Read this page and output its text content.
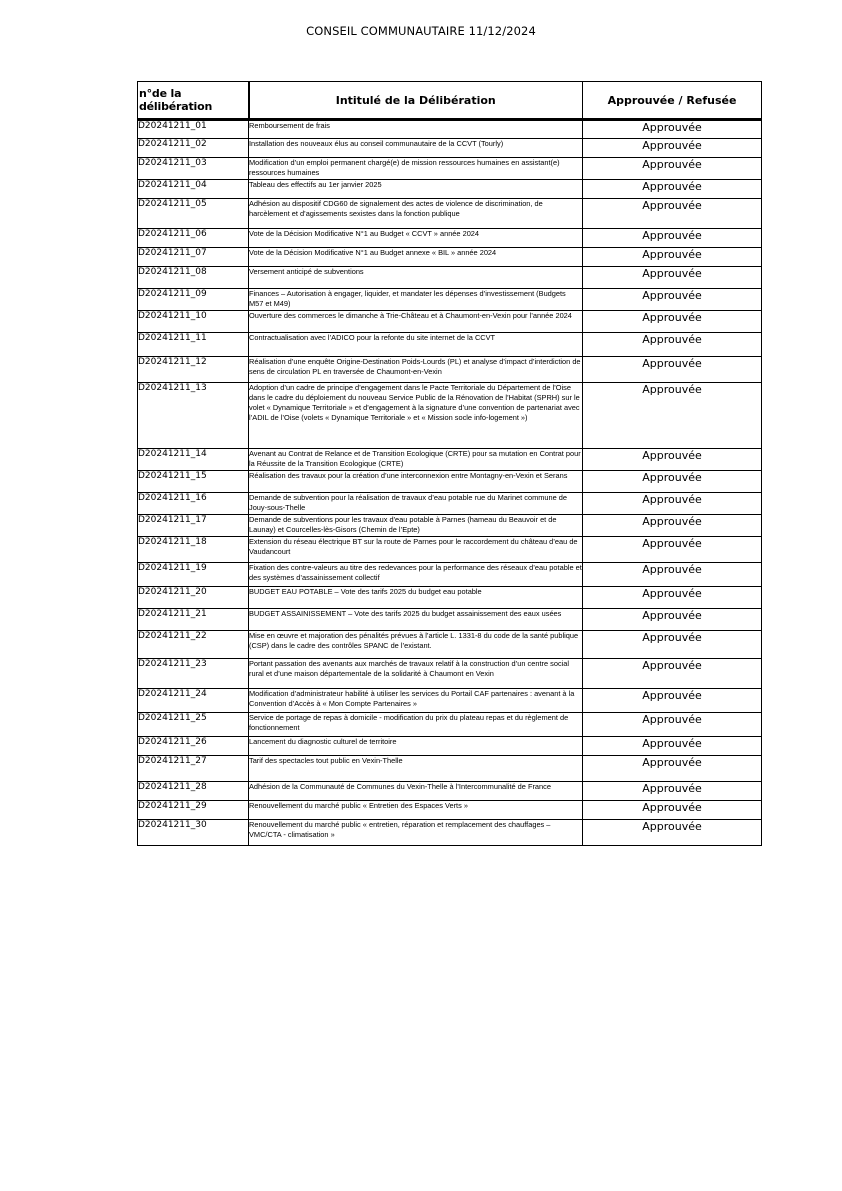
CONSEIL COMMUNAUTAIRE 11/12/2024
n°de la délibération	Intitulé de la Délibération	Approuvée / Refusée
D20241211_01	Remboursement de frais	Approuvée
D20241211_02	Installation des nouveaux élus au conseil communautaire de la CCVT (Tourly)	Approuvée
D20241211_03	Modification d’un emploi permanent chargé(e) de mission ressources humaines en assistant(e) ressources humaines	Approuvée
D20241211_04	Tableau des effectifs au 1er janvier 2025	Approuvée
D20241211_05	Adhésion au dispositif CDG60 de signalement des actes de violence de discrimination, de harcèlement et d’agissements sexistes dans la fonction publique	Approuvée
D20241211_06	Vote de la Décision Modificative N°1 au Budget « CCVT » année 2024	Approuvée
D20241211_07	Vote de la Décision Modificative N°1 au Budget annexe « BIL » année 2024	Approuvée
D20241211_08	Versement anticipé de subventions	Approuvée
D20241211_09	Finances – Autorisation à engager, liquider, et mandater les dépenses d’investissement (Budgets M57 et M49)	Approuvée
D20241211_10	Ouverture des commerces le dimanche à Trie-Château et à Chaumont-en-Vexin pour l’année 2024	Approuvée
D20241211_11	Contractualisation avec l’ADICO pour la refonte du site internet de la CCVT	Approuvée
D20241211_12	Réalisation d’une enquête Origine-Destination Poids-Lourds (PL) et analyse d’impact d’interdiction de sens de circulation PL en traversée de Chaumont-en-Vexin	Approuvée
D20241211_13	Adoption d’un cadre de principe d’engagement dans le Pacte Territoriale du Département de l’Oise dans le cadre du déploiement du nouveau Service Public de la Rénovation de l’Habitat (SPRH) sur le volet « Dynamique Territoriale » et d’engagement à la signature d’une convention de partenariat avec l’ADIL de l’Oise (volets « Dynamique Territoriale » et « Mission socle info-logement »)	Approuvée
D20241211_14	Avenant au Contrat de Relance et de Transition Ecologique (CRTE) pour sa mutation en Contrat pour la Réussite de la Transition Ecologique (CRTE)	Approuvée
D20241211_15	Réalisation des travaux pour la création d’une interconnexion entre Montagny-en-Vexin et Serans	Approuvée
D20241211_16	Demande de subvention pour la réalisation de travaux d’eau potable rue du Marinet commune de Jouy-sous-Thelle	Approuvée
D20241211_17	Demande de subventions pour les travaux d'eau potable à Parnes (hameau du Beauvoir et de Launay) et Courcelles-lès-Gisors (Chemin de l’Epte)	Approuvée
D20241211_18	Extension du réseau électrique BT sur la route de Parnes pour le raccordement du château d’eau de Vaudancourt	Approuvée
D20241211_19	Fixation des contre-valeurs au titre des redevances pour la performance des réseaux d’eau potable et des systèmes d’assainissement collectif	Approuvée
D20241211_20	BUDGET EAU POTABLE – Vote des tarifs 2025 du budget eau potable	Approuvée
D20241211_21	BUDGET ASSAINISSEMENT – Vote des tarifs 2025 du budget assainissement des eaux usées	Approuvée
D20241211_22	Mise en œuvre et majoration des pénalités prévues à l’article L. 1331-8 du code de la santé publique (CSP) dans le cadre des contrôles SPANC de l’existant.	Approuvée
D20241211_23	Portant passation des avenants aux marchés de travaux relatif à la construction d’un centre social rural et d’une maison départementale de la solidarité à Chaumont en Vexin	Approuvée
D20241211_24	Modification d’administrateur habilité à utiliser les services du Portail CAF partenaires : avenant à la Convention d’Accès à « Mon Compte Partenaires »	Approuvée
D20241211_25	Service de portage de repas à domicile - modification du prix du plateau repas et du règlement de fonctionnement	Approuvée
D20241211_26	Lancement du diagnostic culturel de territoire	Approuvée
D20241211_27	Tarif des spectacles tout public en Vexin-Thelle	Approuvée
D20241211_28	Adhésion de la Communauté de Communes du Vexin-Thelle à l’Intercommunalité de France	Approuvée
D20241211_29	Renouvellement du marché public « Entretien des Espaces Verts »	Approuvée
D20241211_30	Renouvellement du marché public « entretien, réparation et remplacement des chauffages – VMC/CTA - climatisation »	Approuvée
